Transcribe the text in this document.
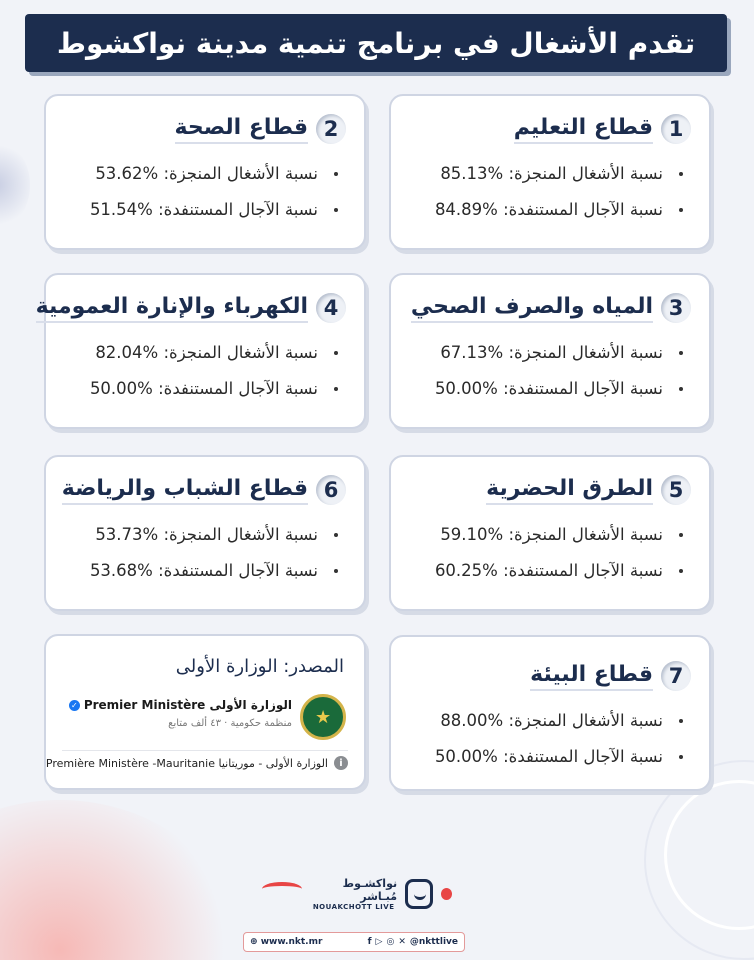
تقدم الأشغال في برنامج تنمية مدينة نواكشوط
1
قطاع التعليم
نسبة الأشغال المنجزة: 85.13%
نسبة الآجال المستنفدة: 84.89%
2
قطاع الصحة
نسبة الأشغال المنجزة: 53.62%
نسبة الآجال المستنفدة: 51.54%
3
المياه والصرف الصحي
نسبة الأشغال المنجزة: 67.13%
نسبة الآجال المستنفدة: 50.00%
4
الكهرباء والإنارة العمومية
نسبة الأشغال المنجزة: 82.04%
نسبة الآجال المستنفدة: 50.00%
5
الطرق الحضرية
نسبة الأشغال المنجزة: 59.10%
نسبة الآجال المستنفدة: 60.25%
6
قطاع الشباب والرياضة
نسبة الأشغال المنجزة: 53.73%
نسبة الآجال المستنفدة: 53.68%
7
قطاع البيئة
نسبة الأشغال المنجزة: 88.00%
نسبة الآجال المستنفدة: 50.00%
المصدر: الوزارة الأولى
★
الوزارة الأولى Premier Ministère
✓
منظمة حكومية · ٤٣ ألف متابع
i
الوزارة الأولى - موريتانيا Première Ministère -Mauritanie
نواكشـوط مُبـاشر
NOUAKCHOTT LIVE
⊕ www.nkt.mr	f ▷ ◎ ✕ @nkttlive
